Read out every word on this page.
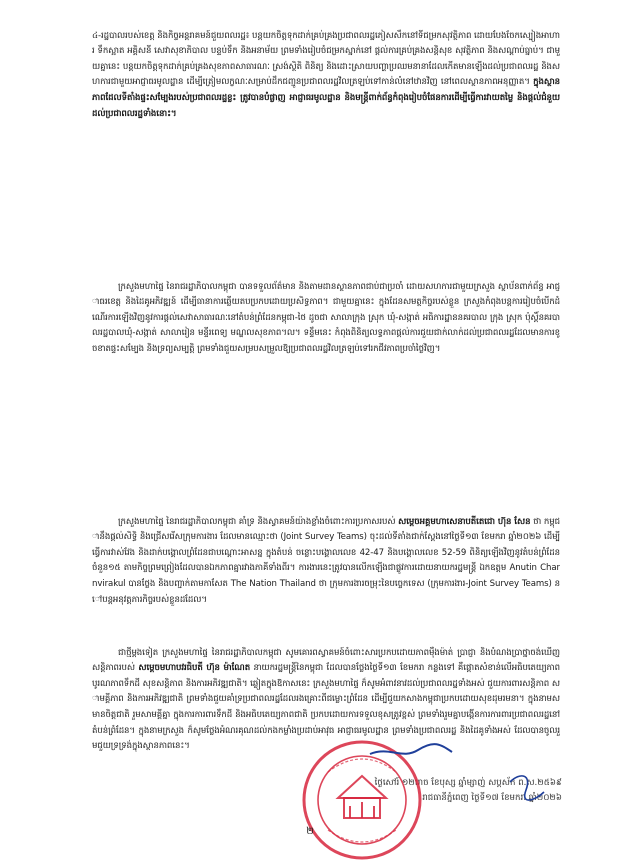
៤-រដ្ឋបាលរបស់ខេត្ត និងកិច្ចអន្តរាគមន៍ជួយពលរដ្ឋ៖ បន្តយកចិត្តទុកដាក់គ្រប់គ្រងប្រជាពលរដ្ឋភៀសសឹកនៅទីជម្រកសុវត្ថិភាព ដោយបែងចែកស្បៀងអាហារ ទឹកស្អាត អគ្គិសនី សេវាសុខាភិបាល បន្ទប់ទឹក និងអនាម័យ ព្រមទាំងរៀបចំជម្រកស្នាក់នៅ ផ្តល់ការគ្រប់គ្រងសន្តិសុខ សុវត្ថិភាព និងសណ្តាប់ធ្នាប់។ ជាមួយគ្នានេះ បន្តយកចិត្តទុកដាក់គ្រប់គ្រងសុខភាពសាធារណៈ ស្រង់ស្ថិតិ ពិនិត្យ និងដោះស្រាយបញ្ហាប្រឈមនានាដែលកើតមានឡើងដល់ប្រជាពលរដ្ឋ និងសហការជាមួយអាជ្ញាធរមូលដ្ឋាន ដើម្បីត្រៀមលក្ខណៈសម្រាប់ដឹកជញ្ជូនប្រជាពលរដ្ឋវិលត្រឡប់ទៅកាន់លំនៅឋានវិញ នៅពេលស្ថានភាពអនុញ្ញាត។ ក្នុងស្ថានភាពដែលទីតាំងផ្ទះសម្បែងរបស់ប្រជាពលរដ្ឋខ្លះ ត្រូវបានបំផ្លាញ អាជ្ញាធរមូលដ្ឋាន និងមន្ត្រីពាក់ព័ន្ធកំពុងរៀបចំផែនការដើម្បីធ្វើការវាយតម្លៃ និងផ្តល់ជំនួយដល់ប្រជាពលរដ្ឋទាំងនោះ។

ក្រសួងមហាផ្ទៃ នៃរាជរដ្ឋាភិបាលកម្ពុជា បានទទួលព័ត៌មាន និងតាមដានស្ថានភាពជាប់ជាប្រចាំ ដោយសហការជាមួយក្រសួង ស្ថាប័នពាក់ព័ន្ធ អាជ្ញាធរខេត្ត និងដៃគូអភិវឌ្ឍន៍ ដើម្បីធានាការឆ្លើយតបប្រកបដោយប្រសិទ្ធភាព។ ជាមួយគ្នានេះ ក្នុងដែនសមត្ថកិច្ចរបស់ខ្លួន ក្រសួងកំពុងបន្តការរៀបចំបើកដំណើរការឡើងវិញនូវការផ្តល់សេវាសាធារណៈនៅតំបន់ព្រំដែនកម្ពុជា-ថៃ ដូចជា សាលាក្រុង ស្រុក ឃុំ-សង្កាត់ អធិការដ្ឋាននគរបាល ក្រុង ស្រុក ប៉ុស្តិ៍នគរបាលរដ្ឋបាលឃុំ-សង្កាត់ សាលារៀន មន្ទីរពេទ្យ មណ្ឌលសុខភាព។ល។ ទន្ទឹមនេះ កំពុងពិនិត្យលទ្ធភាពផ្តល់ការជួយជាក់លាក់ដល់ប្រជាពលរដ្ឋដែលមានការខូចខាតផ្ទះសម្បែង និងទ្រព្យសម្បត្តិ ព្រមទាំងជួយសម្របសម្រួលឱ្យប្រជាពលរដ្ឋវិលត្រឡប់ទៅរកជីវភាពប្រចាំថ្ងៃវិញ។

ក្រសួងមហាផ្ទៃ នៃរាជរដ្ឋាភិបាលកម្ពុជា គាំទ្រ និងស្វាគមន៍យ៉ាងខ្លាំងចំពោះការប្រកាសរបស់ សម្តេចអគ្គមហាសេនាបតីតេជោ ហ៊ុន សែន ថា កម្ពុជានឹងផ្តល់សិទ្ធិ និងជ្រើសរើសក្រុមការងារ ដែលមានឈ្មោះថា (Joint Survey Teams) ចុះដល់ទីតាំងជាក់ស្តែងនៅថ្ងៃទី១៣ ខែមករា ឆ្នាំ២០២៦ ដើម្បីធ្វើការវាស់វែង និងដាក់បង្គោលព្រំដែនជាបណ្តោះអាសន្ន ក្នុងតំបន់ ចន្លោះបង្គោលលេខ 42-47 និងបង្គោលលេខ 52-59 ពិនិត្យឡើងវិញនូវតំបន់ព្រំដែនចំនួន១៥ តាមកិច្ចព្រមព្រៀងដែលបានឯកភាពគ្នារវាងភាគីទាំងពីរ។ ការងារនេះត្រូវបានលើកឡើងជាផ្លូវការដោយនាយករដ្ឋមន្ត្រី ឯកឧត្តម Anutin Charnvirakul បានថ្លែង និងបញ្ជាក់តាមកាសែត The Nation Thailand ថា ក្រុមការងារចម្រុះនៃបច្ចេកទេស (ក្រុមការងារ-Joint Survey Teams) នៅបន្តអនុវត្តភារកិច្ចរបស់ខ្លួនដដែល។

ជាថ្មីម្តងទៀត ក្រសួងមហាផ្ទៃ នៃរាជរដ្ឋាភិបាលកម្ពុជា សូមគោរពស្វាគមន៍ចំពោះសារប្រកបដោយភាពម៉ឺងម៉ាត់ ប្រាជ្ញា និងបំណងប្រាថ្នាចង់ឃើញសន្តិភាពរបស់ សម្តេចមហាបវរធិបតី ហ៊ុន ម៉ាណែត នាយករដ្ឋមន្ត្រីនៃកម្ពុជា ដែលបានថ្លែងថ្ងៃទី១៣ ខែមករា កន្លងទៅ គឺផ្តោតសំខាន់លើអធិបតេយ្យភាព បូរណភាពទឹកដី សុខសន្តិភាព និងការអភិវឌ្ឍជាតិ។ ឆ្លៀតក្នុងឱកាសនេះ ក្រសួងមហាផ្ទៃ ក៏សូមអំពាវនាវដល់ប្រជាពលរដ្ឋទាំងអស់ ជួយការពារសន្តិភាព សាមគ្គីភាព និងការអភិវឌ្ឍជាតិ ព្រមទាំងជួយគាំទ្រប្រជាពលរដ្ឋដែលរងគ្រោះពីជម្លោះព្រំដែន ដើម្បីជួយកសាងកម្ពុជាប្រកបដោយសុខដុមរមនា។ ក្នុងនាមសមានចិត្តជាតិ រួមសាមគ្គីគ្នា ក្នុងការការពារទឹកដី និងអធិបតេយ្យភាពជាតិ ប្រកបដោយការទទួលខុសត្រូវខ្ពស់ ព្រមទាំងរួមគ្នាបង្កើនការការពារប្រជាពលរដ្ឋនៅតំបន់ព្រំដែន។ ក្នុងនាមក្រសួង ក៏សូមថ្លែងអំណរគុណដល់កងកម្លាំងប្រដាប់អាវុធ អាជ្ញាធរមូលដ្ឋាន ព្រមទាំងប្រជាពលរដ្ឋ និងដៃគូទាំងអស់ ដែលបានចូលរួមជួយទ្រទ្រង់ក្នុងស្ថានភាពនេះ។

ថ្ងៃសៅរ៍ ១២រោច ខែបុស្ស ឆ្នាំម្សាញ់ សប្តស័ក ព.ស.២៥៦៩
រាជធានីភ្នំពេញ ថ្ងៃទី១៧ ខែមករា ឆ្នាំ២០២៦
២
